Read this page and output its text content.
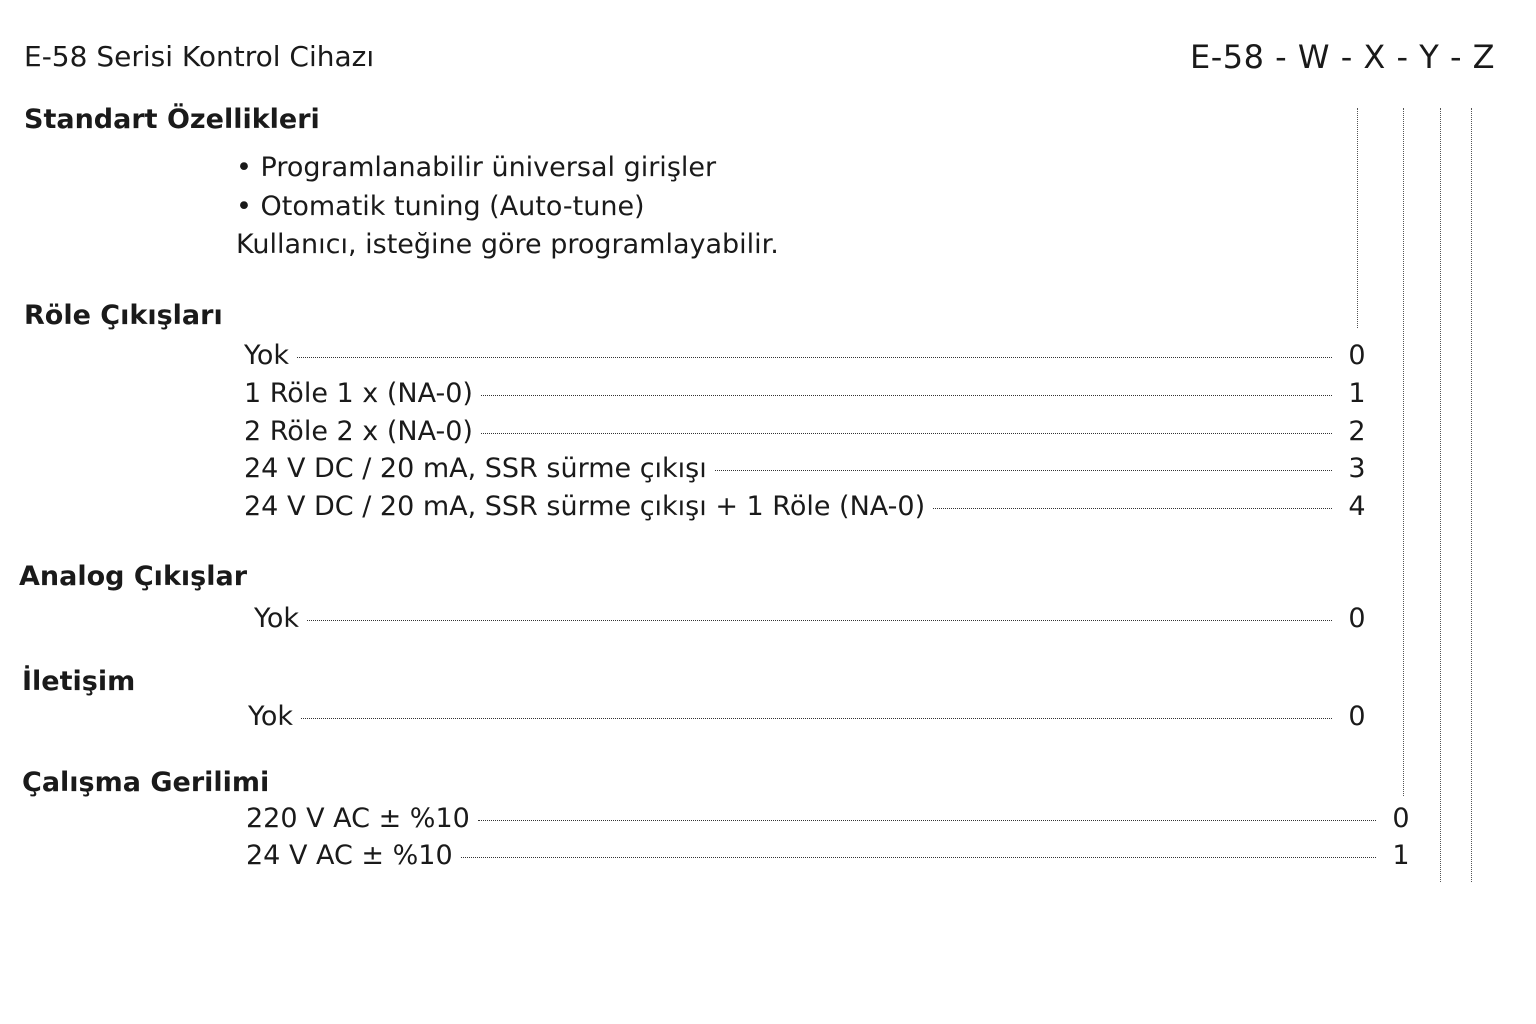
E-58 Serisi Kontrol Cihazı	E-58 - W - X - Y - Z
Standart Özellikleri
• Programlanabilir üniversal girişler
• Otomatik tuning (Auto-tune)
Kullanıcı, isteğine göre programlayabilir.
Röle Çıkışları
Yok	0
1 Röle 1 x (NA-0)	1
2 Röle 2 x (NA-0)	2
24 V DC / 20 mA, SSR sürme çıkışı	3
24 V DC / 20 mA, SSR sürme çıkışı + 1 Röle (NA-0)	4
Analog Çıkışlar
Yok	0
İletişim
Yok	0
Çalışma Gerilimi
220 V AC ± %10	0
24 V AC ± %10	1
